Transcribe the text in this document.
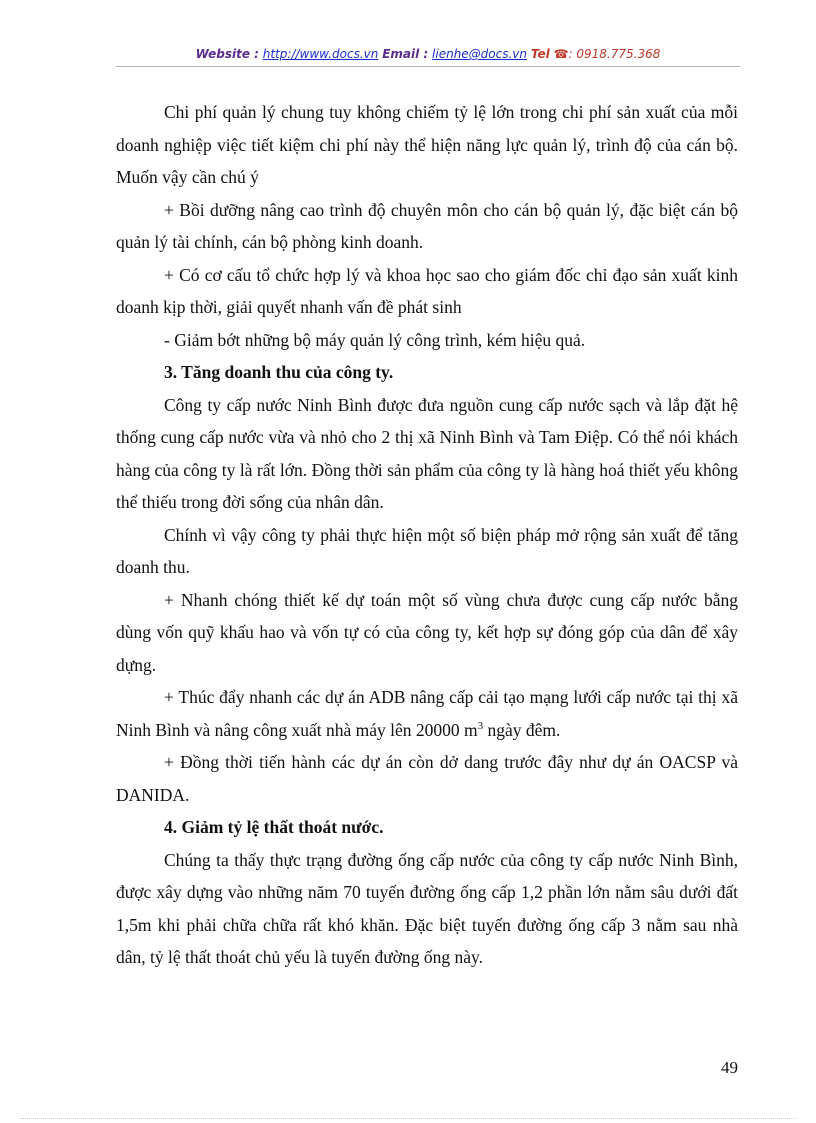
Website : http://www.docs.vn Email : lienhe@docs.vn Tel ☎: 0918.775.368

Chi phí quản lý chung tuy không chiếm tỷ lệ lớn trong chi phí sản xuất của mỗi doanh nghiệp việc tiết kiệm chi phí này thể hiện năng lực quản lý, trình độ của cán bộ. Muốn vậy cần chú ý

+ Bồi dưỡng nâng cao trình độ chuyên môn cho cán bộ quản lý, đặc biệt cán bộ quản lý tài chính, cán bộ phòng kinh doanh.

+ Có cơ cấu tổ chức hợp lý và khoa học sao cho giám đốc chỉ đạo sản xuất kinh doanh kịp thời, giải quyết nhanh vấn đề phát sinh

- Giảm bớt những bộ máy quản lý công trình, kém hiệu quả.

3. Tăng doanh thu của công ty.

Công ty cấp nước Ninh Bình được đưa nguồn cung cấp nước sạch và lắp đặt hệ thống cung cấp nước vừa và nhỏ cho 2 thị xã Ninh Bình và Tam Điệp. Có thể nói khách hàng của công ty là rất lớn. Đồng thời sản phẩm của công ty là hàng hoá thiết yếu không thể thiếu trong đời sống của nhân dân.

Chính vì vậy công ty phải thực hiện một số biện pháp mở rộng sản xuất để tăng doanh thu.

+ Nhanh chóng thiết kế dự toán một số vùng chưa được cung cấp nước bằng dùng vốn quỹ khấu hao và vốn tự có của công ty, kết hợp sự đóng góp của dân để xây dựng.

+ Thúc đẩy nhanh các dự án ADB nâng cấp cải tạo mạng lưới cấp nước tại thị xã Ninh Bình và nâng công xuất nhà máy lên 20000 $m^3$ ngày đêm.

+ Đồng thời tiến hành các dự án còn dở dang trước đây như dự án OACSP và DANIDA.

4. Giảm tỷ lệ thất thoát nước.

Chúng ta thấy thực trạng đường ống cấp nước của công ty cấp nước Ninh Bình, được xây dựng vào những năm 70 tuyến đường ống cấp 1,2 phần lớn nằm sâu dưới đất 1,5m khi phải chữa chữa rất khó khăn. Đặc biệt tuyến đường ống cấp 3 nằm sau nhà dân, tỷ lệ thất thoát chủ yếu là tuyến đường ống này.

49
